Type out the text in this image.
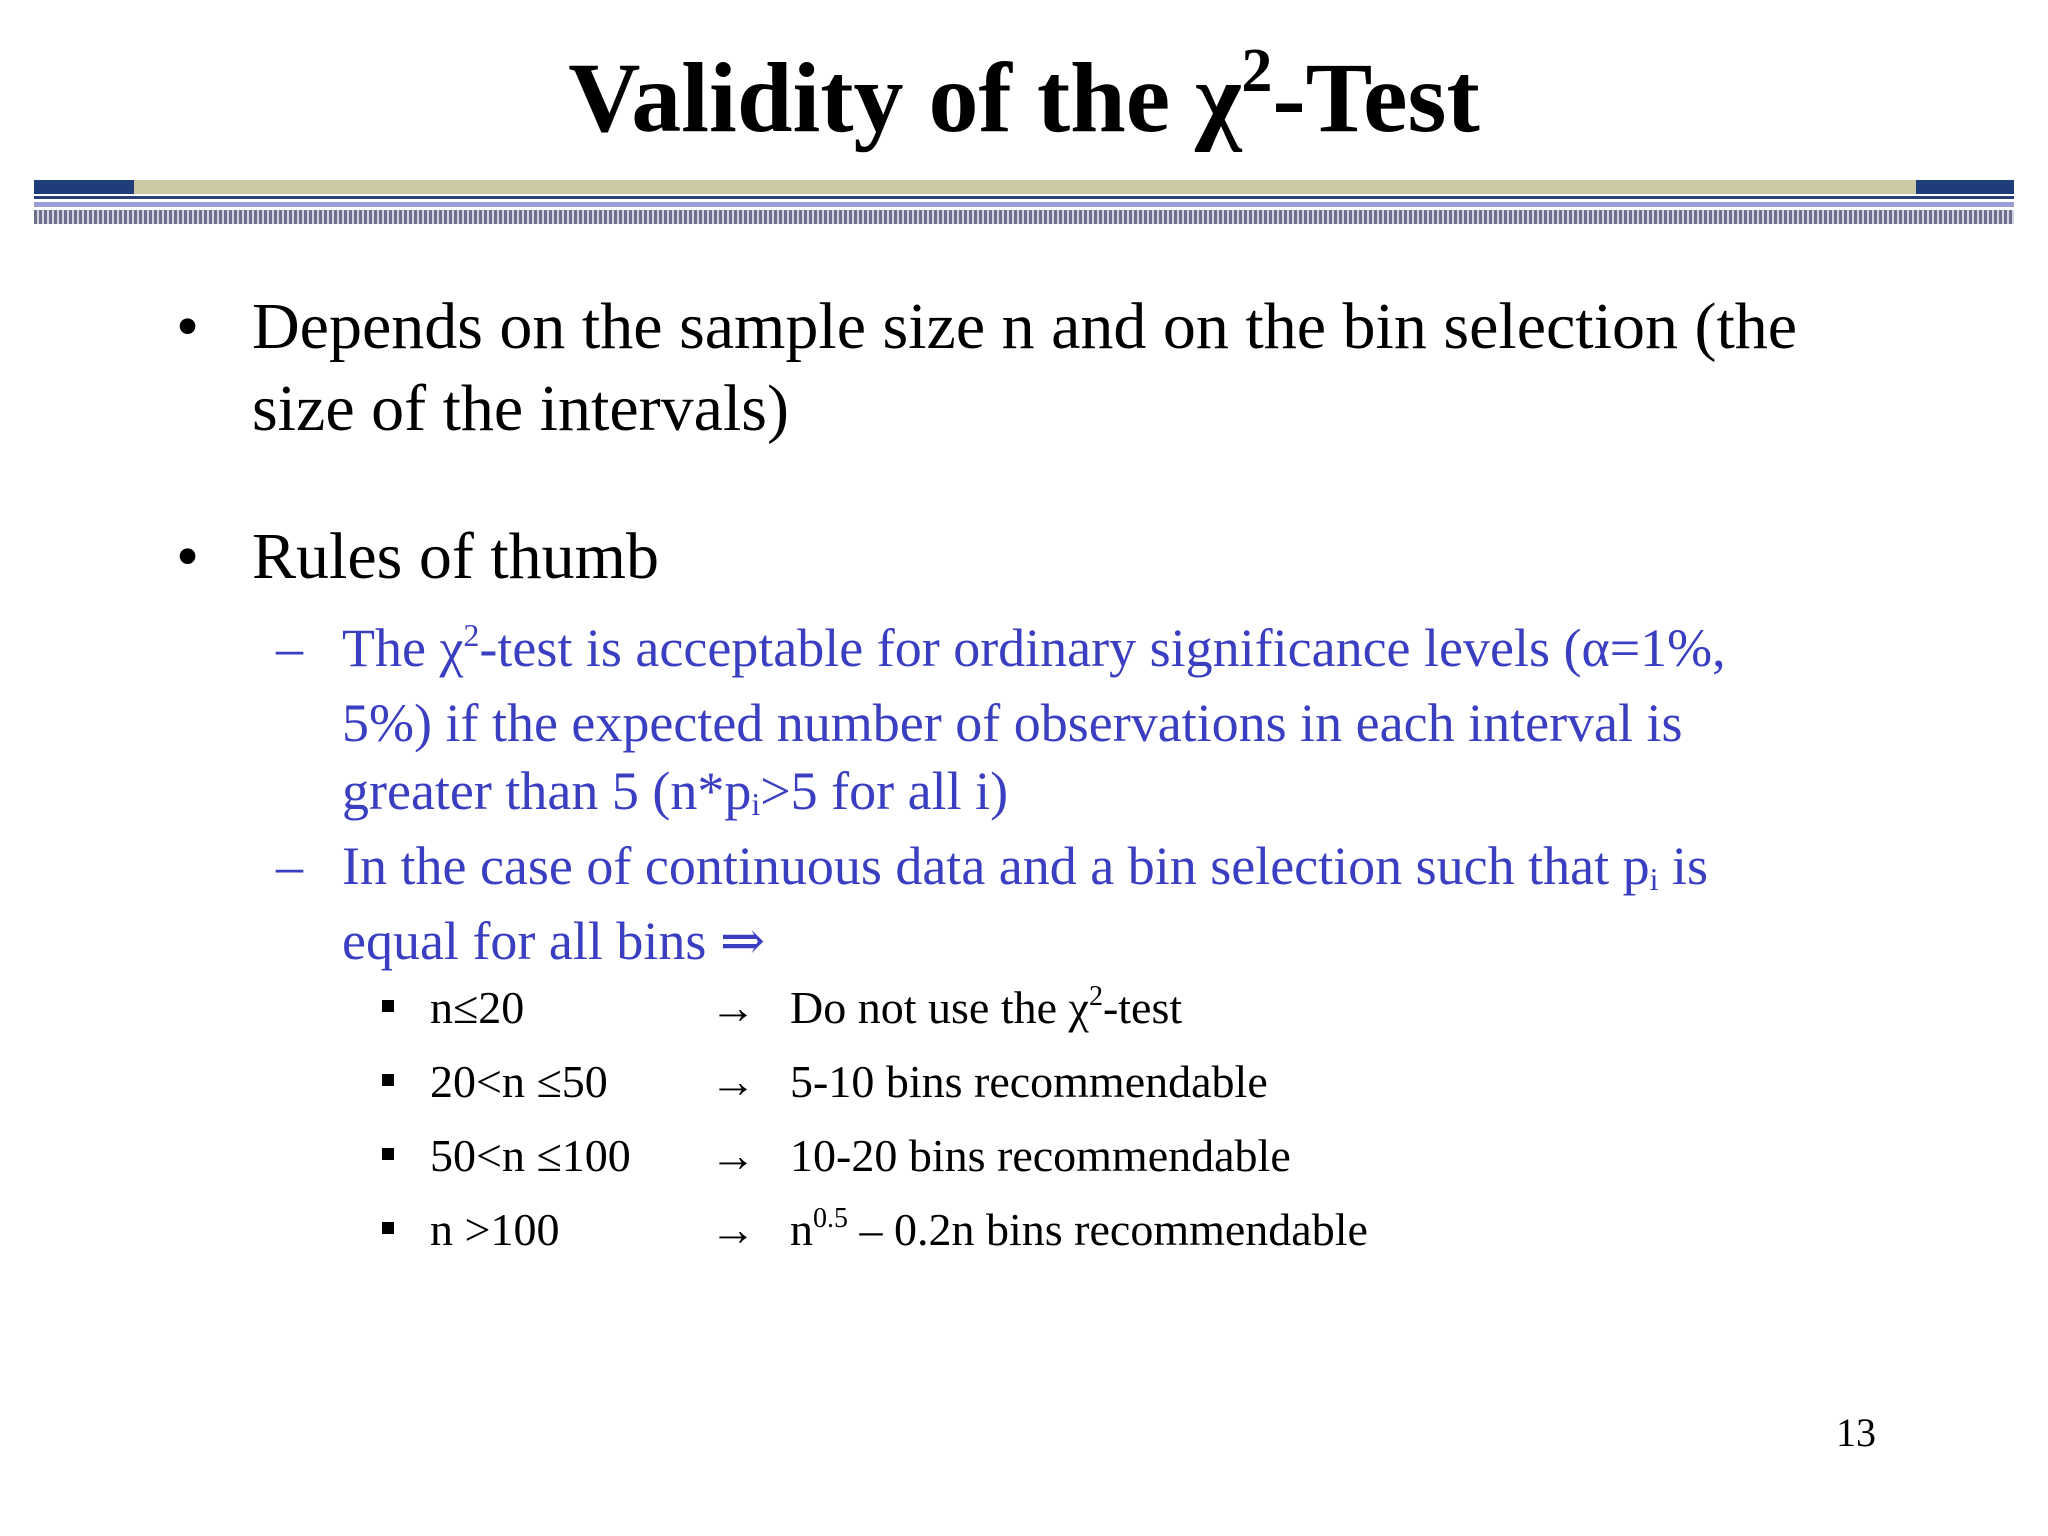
Validity of the $\chi^2$-Test
• Depends on the sample size n and on the bin selection (the
size of the intervals)
• Rules of thumb
– The $\chi^2$-test is acceptable for ordinary significance levels (α=1%,
5%) if the expected number of observations in each interval is
greater than 5 ($n*p_i>5$ for all i)
– In the case of continuous data and a bin selection such that $p_i$ is
equal for all bins ⇒
n≤20	→ Do not use the $\chi^2$-test
20<n ≤50 → 5-10 bins recommendable
50<n ≤100 → 10-20 bins recommendable
n >100	→ $n^{0.5} - 0.2n$ bins recommendable
13
